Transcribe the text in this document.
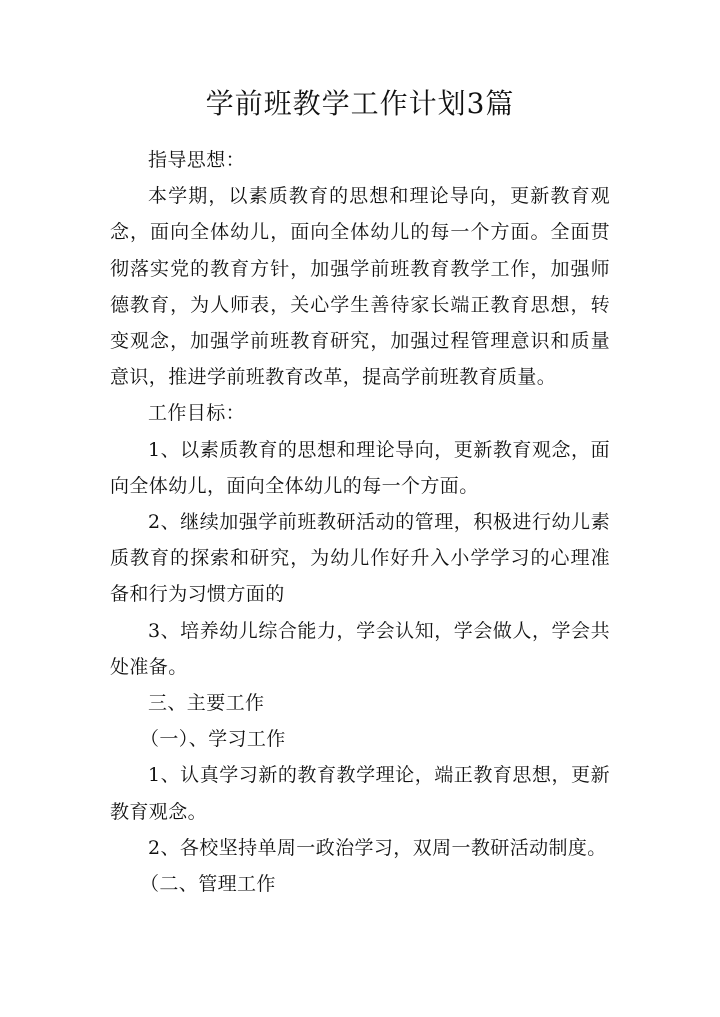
学前班教学工作计划3篇

指导思想：

本学期，以素质教育的思想和理论导向，更新教育观念，面向全体幼儿，面向全体幼儿的每一个方面。全面贯彻落实党的教育方针，加强学前班教育教学工作，加强师德教育，为人师表，关心学生善待家长端正教育思想，转变观念，加强学前班教育研究，加强过程管理意识和质量意识，推进学前班教育改革，提高学前班教育质量。

工作目标：

1、以素质教育的思想和理论导向，更新教育观念，面向全体幼儿，面向全体幼儿的每一个方面。

2、继续加强学前班教研活动的管理，积极进行幼儿素质教育的探索和研究，为幼儿作好升入小学学习的心理准备和行为习惯方面的

3、培养幼儿综合能力，学会认知，学会做人，学会共处准备。

三、主要工作

（一）、学习工作

1、认真学习新的教育教学理论，端正教育思想，更新教育观念。

2、各校坚持单周一政治学习，双周一教研活动制度。

（二、管理工作
